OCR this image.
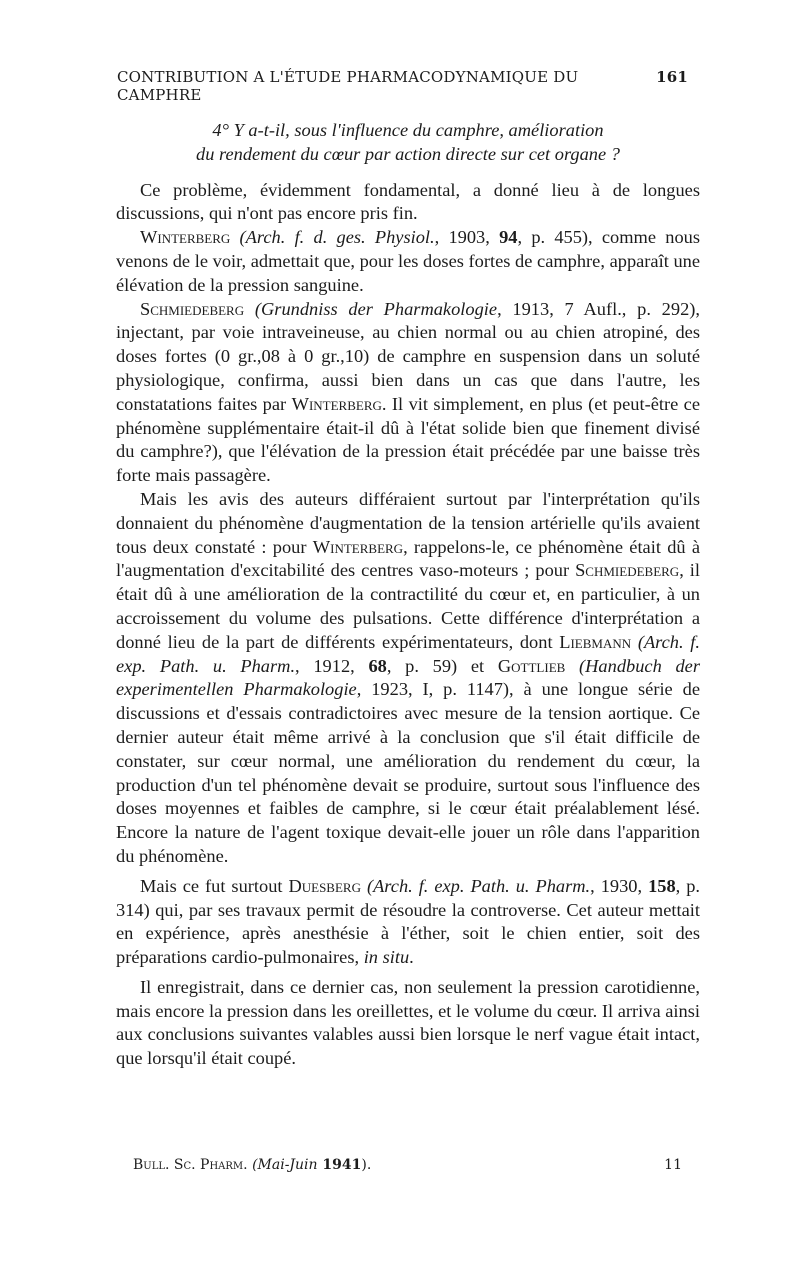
CONTRIBUTION A L'ÉTUDE PHARMACODYNAMIQUE DU CAMPHRE
161

4° Y a-t-il, sous l'influence du camphre, amélioration

du rendement du cœur par action directe sur cet organe ?

Ce problème, évidemment fondamental, a donné lieu à de longues discussions, qui n'ont pas encore pris fin.

Winterberg (Arch. f. d. ges. Physiol., 1903, 94, p. 455), comme nous venons de le voir, admettait que, pour les doses fortes de camphre, apparaît une élévation de la pression sanguine.

Schmiedeberg (Grundniss der Pharmakologie, 1913, 7 Aufl., p. 292), injectant, par voie intraveineuse, au chien normal ou au chien atropiné, des doses fortes (0 gr.,08 à 0 gr.,10) de camphre en suspension dans un soluté physiologique, confirma, aussi bien dans un cas que dans l'autre, les constatations faites par Winterberg. Il vit simplement, en plus (et peut-être ce phénomène supplémentaire était-il dû à l'état solide bien que finement divisé du camphre?), que l'élévation de la pression était précédée par une baisse très forte mais passagère.

Mais les avis des auteurs différaient surtout par l'interprétation qu'ils donnaient du phénomène d'augmentation de la tension artérielle qu'ils avaient tous deux constaté : pour Winterberg, rappelons-le, ce phénomène était dû à l'augmentation d'excitabilité des centres vaso-moteurs ; pour Schmiedeberg, il était dû à une amélioration de la contractilité du cœur et, en particulier, à un accroissement du volume des pulsations. Cette différence d'interprétation a donné lieu de la part de différents expérimentateurs, dont Liebmann (Arch. f. exp. Path. u. Pharm., 1912, 68, p. 59) et Gottlieb (Handbuch der experimentellen Pharmakologie, 1923, I, p. 1147), à une longue série de discussions et d'essais contradictoires avec mesure de la tension aortique. Ce dernier auteur était même arrivé à la conclusion que s'il était difficile de constater, sur cœur normal, une amélioration du rendement du cœur, la production d'un tel phénomène devait se produire, surtout sous l'influence des doses moyennes et faibles de camphre, si le cœur était préalablement lésé. Encore la nature de l'agent toxique devait-elle jouer un rôle dans l'apparition du phénomène.

Mais ce fut surtout Duesberg (Arch. f. exp. Path. u. Pharm., 1930, 158, p. 314) qui, par ses travaux permit de résoudre la controverse. Cet auteur mettait en expérience, après anesthésie à l'éther, soit le chien entier, soit des préparations cardio-pulmonaires, in situ.

Il enregistrait, dans ce dernier cas, non seulement la pression carotidienne, mais encore la pression dans les oreillettes, et le volume du cœur. Il arriva ainsi aux conclusions suivantes valables aussi bien lorsque le nerf vague était intact, que lorsqu'il était coupé.

Bull. Sc. Pharm. (Mai-Juin 1941).	11
